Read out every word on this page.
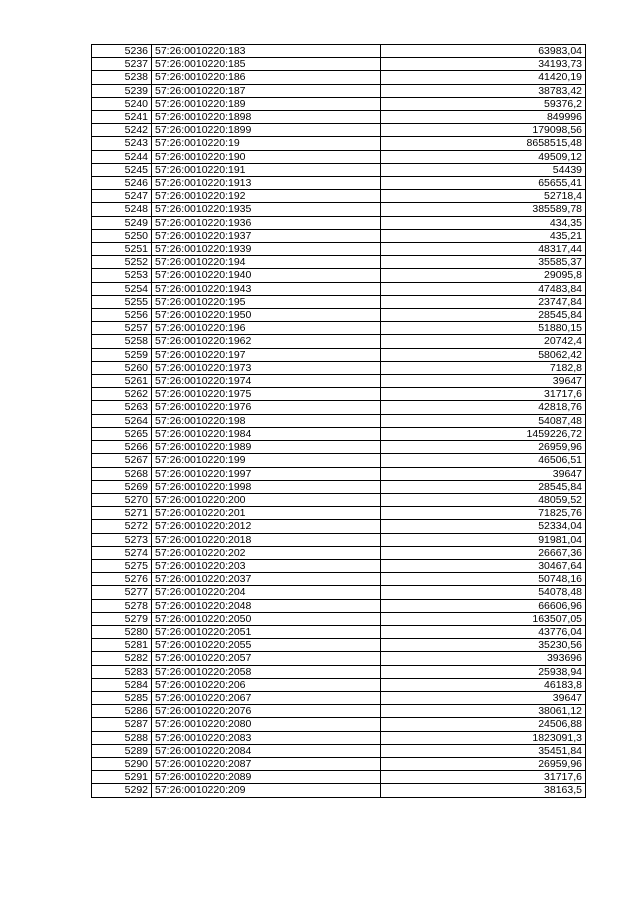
5236	57:26:0010220:183	63983,04
5237	57:26:0010220:185	34193,73
5238	57:26:0010220:186	41420,19
5239	57:26:0010220:187	38783,42
5240	57:26:0010220:189	59376,2
5241	57:26:0010220:1898	849996
5242	57:26:0010220:1899	179098,56
5243	57:26:0010220:19	8658515,48
5244	57:26:0010220:190	49509,12
5245	57:26:0010220:191	54439
5246	57:26:0010220:1913	65655,41
5247	57:26:0010220:192	52718,4
5248	57:26:0010220:1935	385589,78
5249	57:26:0010220:1936	434,35
5250	57:26:0010220:1937	435,21
5251	57:26:0010220:1939	48317,44
5252	57:26:0010220:194	35585,37
5253	57:26:0010220:1940	29095,8
5254	57:26:0010220:1943	47483,84
5255	57:26:0010220:195	23747,84
5256	57:26:0010220:1950	28545,84
5257	57:26:0010220:196	51880,15
5258	57:26:0010220:1962	20742,4
5259	57:26:0010220:197	58062,42
5260	57:26:0010220:1973	7182,8
5261	57:26:0010220:1974	39647
5262	57:26:0010220:1975	31717,6
5263	57:26:0010220:1976	42818,76
5264	57:26:0010220:198	54087,48
5265	57:26:0010220:1984	1459226,72
5266	57:26:0010220:1989	26959,96
5267	57:26:0010220:199	46506,51
5268	57:26:0010220:1997	39647
5269	57:26:0010220:1998	28545,84
5270	57:26:0010220:200	48059,52
5271	57:26:0010220:201	71825,76
5272	57:26:0010220:2012	52334,04
5273	57:26:0010220:2018	91981,04
5274	57:26:0010220:202	26667,36
5275	57:26:0010220:203	30467,64
5276	57:26:0010220:2037	50748,16
5277	57:26:0010220:204	54078,48
5278	57:26:0010220:2048	66606,96
5279	57:26:0010220:2050	163507,05
5280	57:26:0010220:2051	43776,04
5281	57:26:0010220:2055	35230,56
5282	57:26:0010220:2057	393696
5283	57:26:0010220:2058	25938,94
5284	57:26:0010220:206	46183,8
5285	57:26:0010220:2067	39647
5286	57:26:0010220:2076	38061,12
5287	57:26:0010220:2080	24506,88
5288	57:26:0010220:2083	1823091,3
5289	57:26:0010220:2084	35451,84
5290	57:26:0010220:2087	26959,96
5291	57:26:0010220:2089	31717,6
5292	57:26:0010220:209	38163,5
